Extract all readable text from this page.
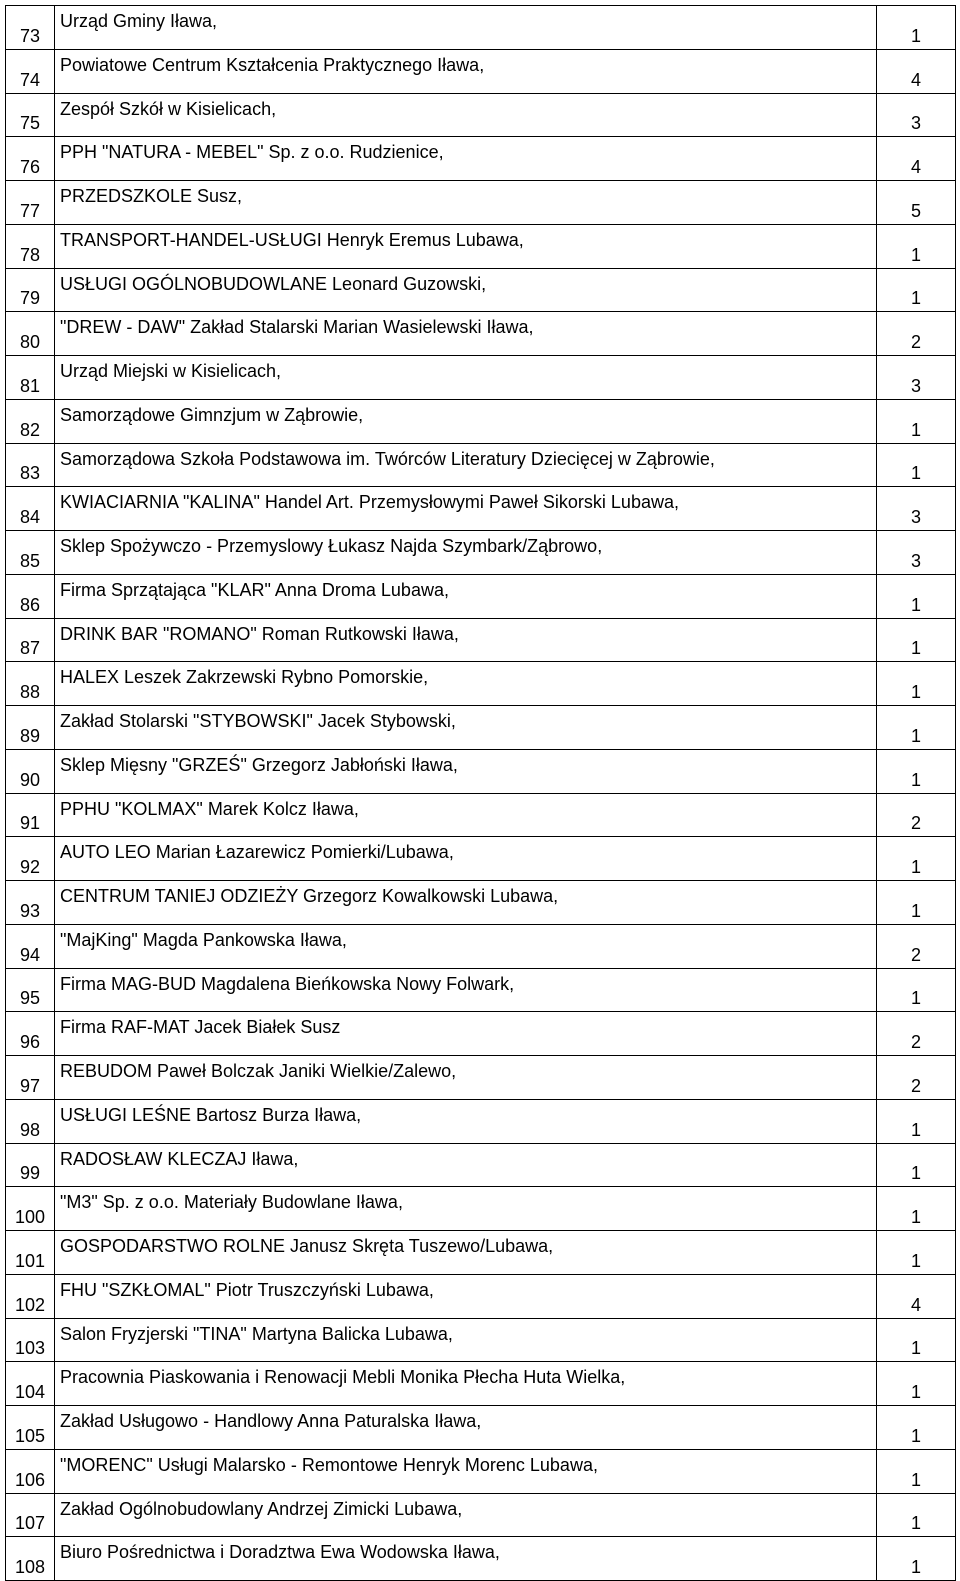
73	Urząd Gminy Iława,	1
74	Powiatowe Centrum Kształcenia Praktycznego Iława,	4
75	Zespół Szkół w Kisielicach,	3
76	PPH "NATURA - MEBEL" Sp. z o.o. Rudzienice,	4
77	PRZEDSZKOLE Susz,	5
78	TRANSPORT-HANDEL-USŁUGI Henryk Eremus Lubawa,	1
79	USŁUGI OGÓLNOBUDOWLANE Leonard Guzowski,	1
80	"DREW - DAW" Zakład Stalarski Marian Wasielewski Iława,	2
81	Urząd Miejski w Kisielicach,	3
82	Samorządowe Gimnzjum w Ząbrowie,	1
83	Samorządowa Szkoła Podstawowa im. Twórców Literatury Dziecięcej w Ząbrowie,	1
84	KWIACIARNIA "KALINA" Handel Art. Przemysłowymi Paweł Sikorski Lubawa,	3
85	Sklep Spożywczo - Przemyslowy Łukasz Najda Szymbark/Ząbrowo,	3
86	Firma Sprzątająca "KLAR" Anna Droma Lubawa,	1
87	DRINK BAR "ROMANO" Roman Rutkowski Iława,	1
88	HALEX Leszek Zakrzewski Rybno Pomorskie,	1
89	Zakład Stolarski "STYBOWSKI" Jacek Stybowski,	1
90	Sklep Mięsny "GRZEŚ" Grzegorz Jabłoński Iława,	1
91	PPHU "KOLMAX" Marek Kolcz Iława,	2
92	AUTO LEO Marian Łazarewicz Pomierki/Lubawa,	1
93	CENTRUM TANIEJ ODZIEŻY Grzegorz Kowalkowski Lubawa,	1
94	"MajKing" Magda Pankowska Iława,	2
95	Firma MAG-BUD Magdalena Bieńkowska Nowy Folwark,	1
96	Firma RAF-MAT Jacek Białek Susz	2
97	REBUDOM Paweł Bolczak Janiki Wielkie/Zalewo,	2
98	USŁUGI LEŚNE Bartosz Burza Iława,	1
99	RADOSŁAW KLECZAJ Iława,	1
100	"M3" Sp. z o.o. Materiały Budowlane Iława,	1
101	GOSPODARSTWO ROLNE Janusz Skręta Tuszewo/Lubawa,	1
102	FHU "SZKŁOMAL" Piotr Truszczyński Lubawa,	4
103	Salon Fryzjerski "TINA" Martyna Balicka Lubawa,	1
104	Pracownia Piaskowania i Renowacji Mebli Monika Płecha Huta Wielka,	1
105	Zakład Usługowo - Handlowy Anna Paturalska Iława,	1
106	"MORENC" Usługi Malarsko - Remontowe Henryk Morenc Lubawa,	1
107	Zakład Ogólnobudowlany Andrzej Zimicki Lubawa,	1
108	Biuro Pośrednictwa i Doradztwa Ewa Wodowska Iława,	1
